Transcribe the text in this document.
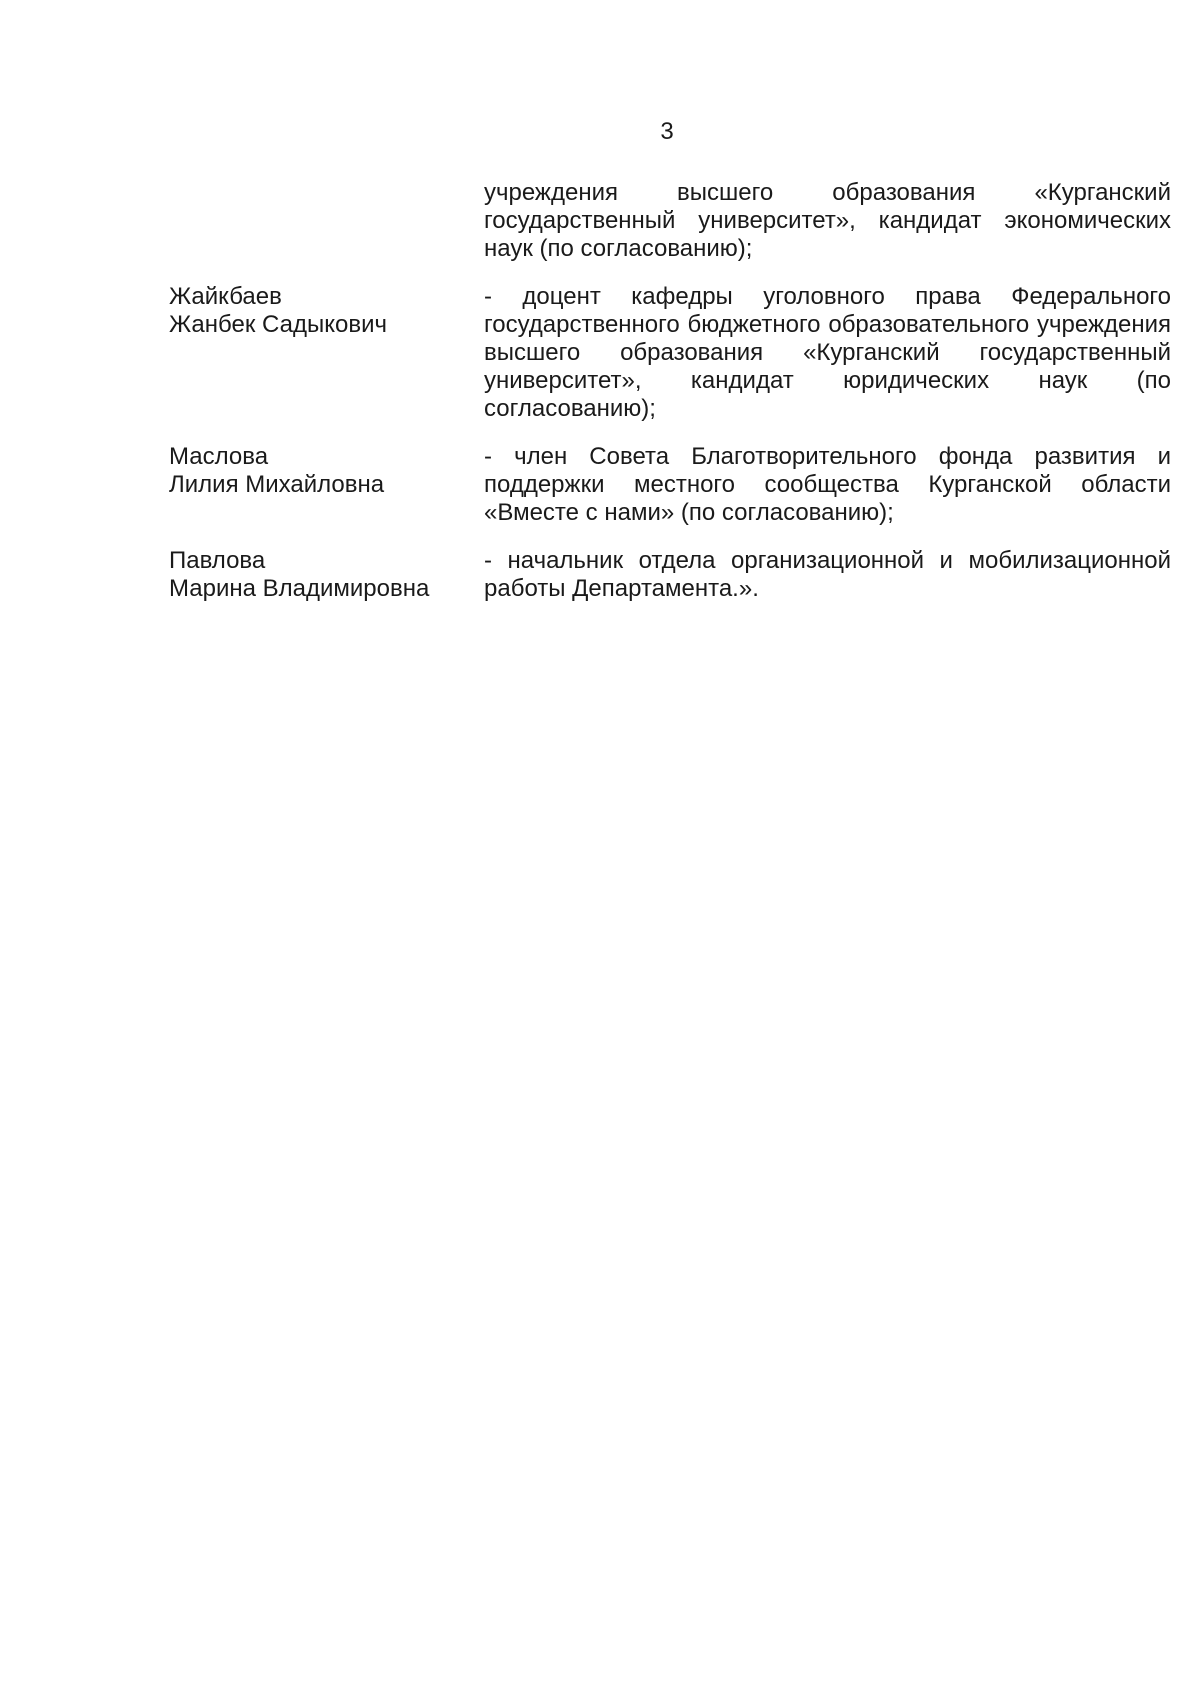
3
учреждения высшего образования «Курганский государственный университет», кандидат экономических наук (по согласованию);
Жайкбаев
Жанбек Садыкович
- доцент кафедры уголовного права Федерального государственного бюджетного образовательного учреждения высшего образования «Курганский государственный университет», кандидат юридических наук (по согласованию);
Маслова
Лилия Михайловна
- член Совета Благотворительного фонда развития и поддержки местного сообщества Курганской области «Вместе с нами» (по согласованию);
Павлова
Марина Владимировна
- начальник отдела организационной и мобилизационной работы Департамента.».
